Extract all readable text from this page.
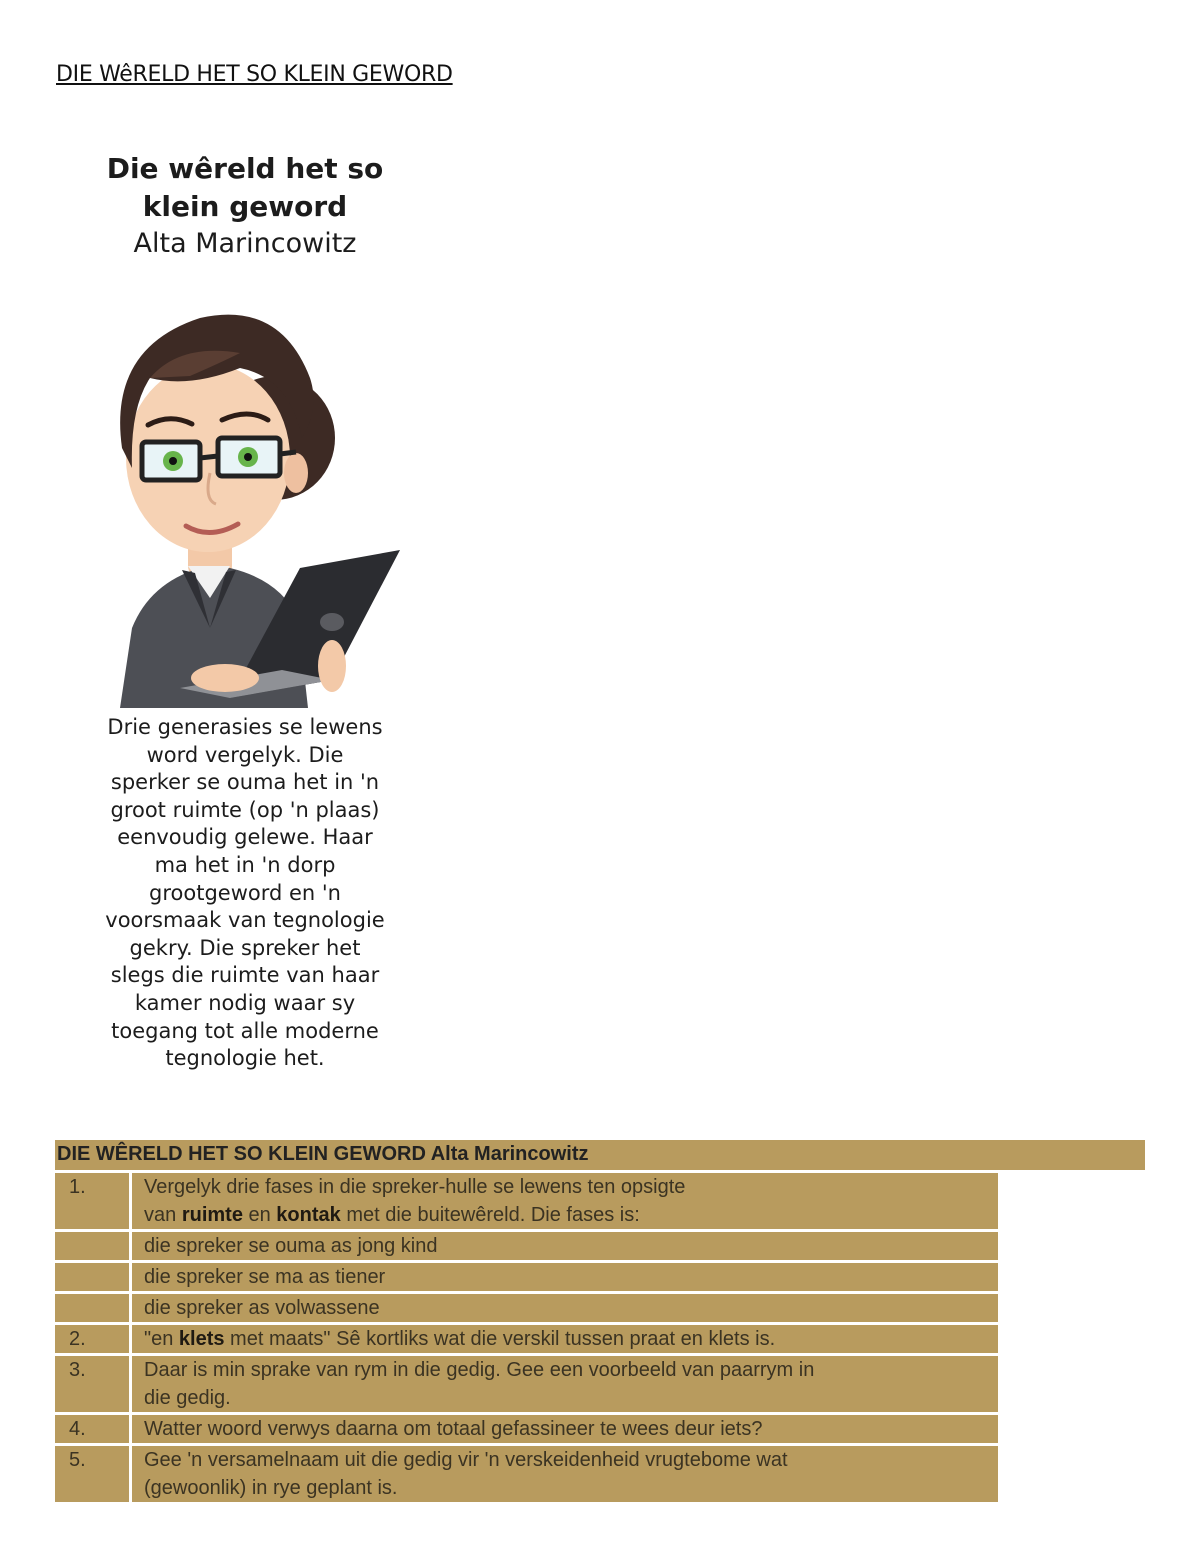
DIE WêRELD HET SO KLEIN GEWORD
Die wêreld het so
klein geword
Alta Marincowitz
Drie generasies se lewens
word vergelyk. Die
sperker se ouma het in 'n
groot ruimte (op 'n plaas)
eenvoudig gelewe. Haar
ma het in 'n dorp
grootgeword en 'n
voorsmaak van tegnologie
gekry. Die spreker het
slegs die ruimte van haar
kamer nodig waar sy
toegang tot alle moderne
tegnologie het.
DIE WÊRELD HET SO KLEIN GEWORD Alta Marincowitz
1.	Vergelyk drie fases in die spreker-hulle se lewens ten opsigte
van ruimte en kontak met die buitewêreld. Die fases is:

	die spreker se ouma as jong kind
	die spreker se ma as tiener
	die spreker as volwassene
2.	"en klets met maats" Sê kortliks wat die verskil tussen praat en klets is.
3.	Daar is min sprake van rym in die gedig. Gee een voorbeeld van paarrym in
die gedig.

4.	Watter woord verwys daarna om totaal gefassineer te wees deur iets?
5.	Gee 'n versamelnaam uit die gedig vir 'n verskeidenheid vrugtebome wat
(gewoonlik) in rye geplant is.
